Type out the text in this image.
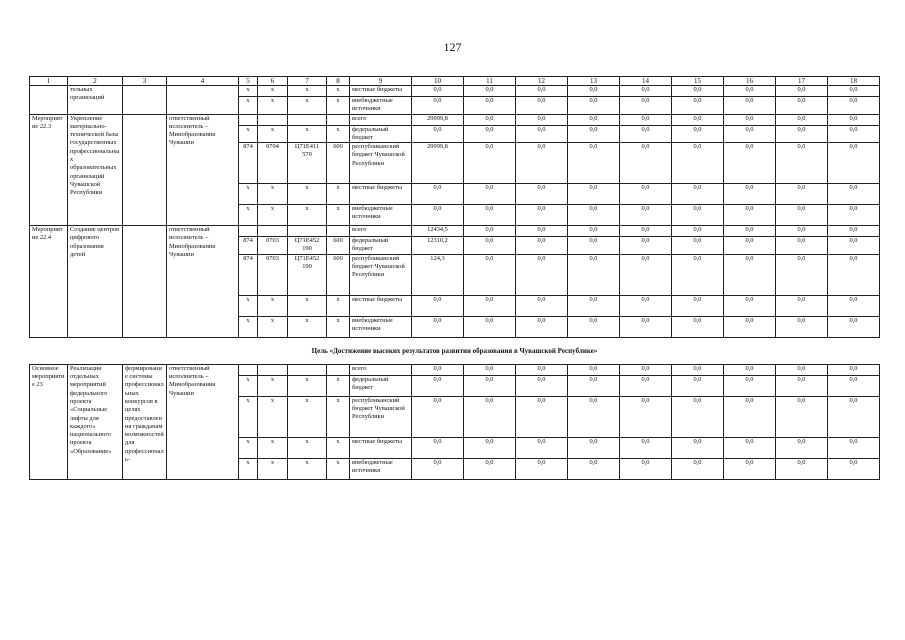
127
1	2	3	4	5	6	7	8	9	10	11	12	13	14	15	16	17	18
	тельных организаций			x	x	x	x	местные бюджеты	0,0	0,0	0,0	0,0	0,0	0,0	0,0	0,0	0,0
				x	x	x	x	внебюджетные источники	0,0	0,0	0,0	0,0	0,0	0,0	0,0	0,0	0,0
Мероприятие 22.3	Укрепление материально-технической базы государственных профессиональных образовательных организаций Чувашской Республики		ответственный исполнитель – Минобразования Чувашии					всего	29999,8	0,0	0,0	0,0	0,0	0,0	0,0	0,0	0,0
				x	x	x	x	федеральный бюджет	0,0	0,0	0,0	0,0	0,0	0,0	0,0	0,0	0,0
				874	0704	Ц71Е411 570	600	республиканский бюджет Чувашской Республики	29999,8	0,0	0,0	0,0	0,0	0,0	0,0	0,0	0,0
				x	x	x	x	местные бюджеты	0,0	0,0	0,0	0,0	0,0	0,0	0,0	0,0	0,0
				x	x	x	x	внебюджетные источники	0,0	0,0	0,0	0,0	0,0	0,0	0,0	0,0	0,0
Мероприятие 22.4	Создание центров цифрового образования детей		ответственный исполнитель – Минобразования Чувашии					всего	12434,5	0,0	0,0	0,0	0,0	0,0	0,0	0,0	0,0
				874	0703	Ц71Е452 190	600	федеральный бюджет	12310,2	0,0	0,0	0,0	0,0	0,0	0,0	0,0	0,0
				874	0703	Ц71Е452 190	600	республиканский бюджет Чувашской Республики	124,3	0,0	0,0	0,0	0,0	0,0	0,0	0,0	0,0
				x	x	x	x	местные бюджеты	0,0	0,0	0,0	0,0	0,0	0,0	0,0	0,0	0,0
				x	x	x	x	внебюджетные источники	0,0	0,0	0,0	0,0	0,0	0,0	0,0	0,0	0,0
Цель «Достижение высоких результатов развития образования в Чувашской Республике»																	
Основное мероприятие 23	Реализация отдельных мероприятий федерального проекта «Социальные лифты для каждого» национального проекта «Образование»	формирование системы профессиональных конкурсов в целях предоставления гражданам возможностей для профессиональ-	ответственный исполнитель – Минобразования Чувашии					всего	0,0	0,0	0,0	0,0	0,0	0,0	0,0	0,0	0,0
				x	x	x	x	федеральный бюджет	0,0	0,0	0,0	0,0	0,0	0,0	0,0	0,0	0,0
				x	x	x	x	республиканский бюджет Чувашской Республики	0,0	0,0	0,0	0,0	0,0	0,0	0,0	0,0	0,0
				x	x	x	x	местные бюджеты	0,0	0,0	0,0	0,0	0,0	0,0	0,0	0,0	0,0
				x	x	x	x	внебюджетные источники	0,0	0,0	0,0	0,0	0,0	0,0	0,0	0,0	0,0
